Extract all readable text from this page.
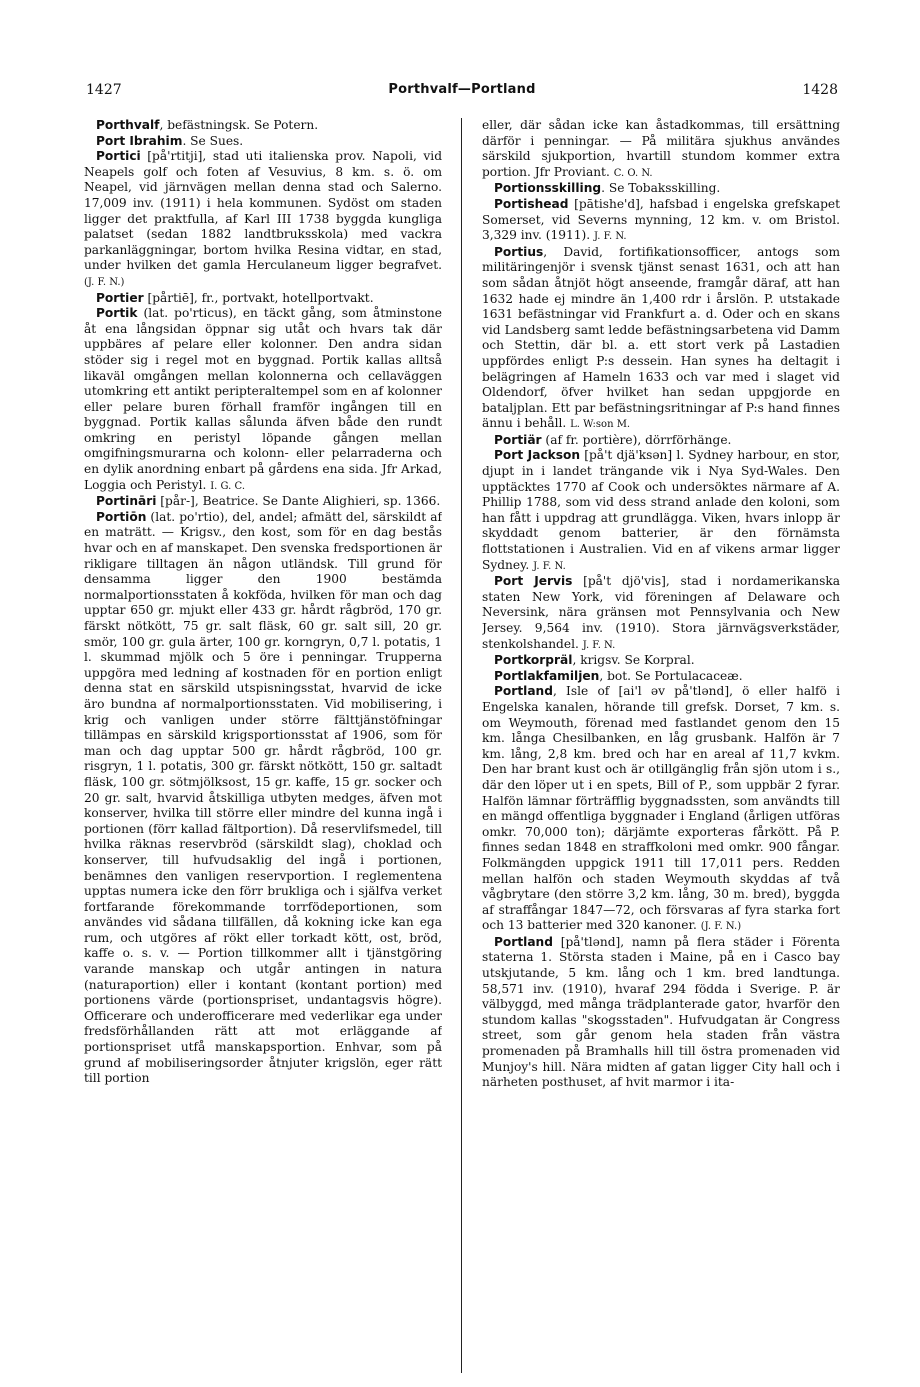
1427	Porthvalf—Portland	1428

Porthvalf, befästningsk. Se Potern.

Port Ibrahim. Se Sues.

Portici [på'rtitji], stad uti italienska prov. Napoli, vid Neapels golf och foten af Vesuvius, 8 km. s. ö. om Neapel, vid järnvägen mellan denna stad och Salerno. 17,009 inv. (1911) i hela kommunen. Sydöst om staden ligger det praktfulla, af Karl III 1738 byggda kungliga palatset (sedan 1882 landtbruksskola) med vackra parkanläggningar, bortom hvilka Resina vidtar, en stad, under hvilken det gamla Herculaneum ligger begrafvet. (J. F. N.)

Portier [pårtiē], fr., portvakt, hotellportvakt.

Portik (lat. po'rticus), en täckt gång, som åtminstone åt ena långsidan öppnar sig utåt och hvars tak där uppbäres af pelare eller kolonner. Den andra sidan stöder sig i regel mot en byggnad. Portik kallas alltså likaväl omgången mellan kolonnerna och cellaväggen utomkring ett antikt peripteraltempel som en af kolonner eller pelare buren förhall framför ingången till en byggnad. Portik kallas sålunda äfven både den rundt omkring en peristyl löpande gången mellan omgifningsmurarna och kolonn- eller pelarraderna och en dylik anordning enbart på gårdens ena sida. Jfr Arkad, Loggia och Peristyl. I. G. C.

Portināri [pår-], Beatrice. Se Dante Alighieri, sp. 1366.

Portiōn (lat. po'rtio), del, andel; afmätt del, särskildt af en maträtt. — Krigsv., den kost, som för en dag bestås hvar och en af manskapet. Den svenska fredsportionen är rikligare tilltagen än någon utländsk. Till grund för densamma ligger den 1900 bestämda normalportionsstaten å kokföda, hvilken för man och dag upptar 650 gr. mjukt eller 433 gr. hårdt rågbröd, 170 gr. färskt nötkött, 75 gr. salt fläsk, 60 gr. salt sill, 20 gr. smör, 100 gr. gula ärter, 100 gr. korngryn, 0,7 l. potatis, 1 l. skummad mjölk och 5 öre i penningar. Truppernа uppgöra med ledning af kostnaden för en portion enligt denna stat en särskild utspisningsstat, hvarvid de icke äro bundna af normalportionsstaten. Vid mobilisering, i krig och vanligen under större fälttjänstöfningar tillämpas en särskild krigsportionsstat af 1906, som för man och dag upptar 500 gr. hårdt rågbröd, 100 gr. risgryn, 1 l. potatis, 300 gr. färskt nötkött, 150 gr. saltadt fläsk, 100 gr. sötmjölksost, 15 gr. kaffe, 15 gr. socker och 20 gr. salt, hvarvid åtskilliga utbyten medges, äfven mot konserver, hvilka till större eller mindre del kunna ingå i portionen (förr kallad fältportion). Då reservlifsmedel, till hvilka räknas reservbröd (särskildt slag), choklad och konserver, till hufvudsaklig del ingå i portionen, benämnes den vanligen reservportion. I reglementena upptas numera icke den förr brukliga och i själfva verket fortfarande förekommande torrfödeportionen, som användes vid sådana tillfällen, då kokning icke kan ega rum, och utgöres af rökt eller torkadt kött, ost, bröd, kaffe o. s. v. — Portion tillkommer allt i tjänstgöring varande manskap och utgår antingen in natura (naturaportion) eller i kontant (kontant portion) med portionens värde (portionspriset, undantagsvis högre). Officerare och underofficerare med vederlikar ega under fredsförhållanden rätt att mot erläggande af portionspriset utfå manskapsportion. Enhvar, som på grund af mobiliseringsorder åtnjuter krigslön, eger rätt till portion

eller, där sådan icke kan åstadkommas, till ersättning därför i penningar. — På militära sjukhus användes särskild sjukportion, hvartill stundom kommer extra portion. Jfr Proviant. C. O. N.

Portionsskilling. Se Tobaksskilling.

Portishead [pātishe'd], hafsbad i engelska grefskapet Somerset, vid Severns mynning, 12 km. v. om Bristol. 3,329 inv. (1911). J. F. N.

Portius, David, fortifikationsofficer, antogs som militäringenjör i svensk tjänst senast 1631, och att han som sådan åtnjöt högt anseende, framgår däraf, att han 1632 hade ej mindre än 1,400 rdr i årslön. P. utstakade 1631 befästningar vid Frankfurt a. d. Oder och en skans vid Landsberg samt ledde befästningsarbetena vid Damm och Stettin, där bl. a. ett stort verk på Lastadien uppfördes enligt P:s dessein. Han synes ha deltagit i belägringen af Hameln 1633 och var med i slaget vid Oldendorf, öfver hvilket han sedan uppgjorde en bataljplan. Ett par befästningsritningar af P:s hand finnes ännu i behåll. L. W:son M.

Portiär (af fr. portière), dörrförhänge.

Port Jackson [på't djä'ksən] l. Sydney harbour, en stor, djupt in i landet trängande vik i Nya Syd-Wales. Den upptäcktes 1770 af Cook och undersöktes närmare af A. Phillip 1788, som vid dess strand anlade den koloni, som han fått i uppdrag att grundlägga. Viken, hvars inlopp är skyddadt genom batterier, är den förnämsta flottstationen i Australien. Vid en af vikens armar ligger Sydney. J. F. N.

Port Jervis [på't djö'vis], stad i nordamerikanska staten New York, vid föreningen af Delaware och Neversink, nära gränsen mot Pennsylvania och New Jersey. 9,564 inv. (1910). Stora järnvägsverkstäder, stenkolshandel. J. F. N.

Portkorpräl, krigsv. Se Korpral.

Portlakfamiljen, bot. Se Portulacaceæ.

Portland, Isle of [ai'l əv på'tlənd], ö eller halfö i Engelska kanalen, hörande till grefsk. Dorset, 7 km. s. om Weymouth, förenad med fastlandet genom den 15 km. långa Chesilbanken, en låg grusbank. Halfön är 7 km. lång, 2,8 km. bred och har en areal af 11,7 kvkm. Den har brant kust och är otillgänglig från sjön utom i s., där den löper ut i en spets, Bill of P., som uppbär 2 fyrar. Halfön lämnar förträfflig byggnadssten, som användts till en mängd offentliga byggnader i England (årligen utföras omkr. 70,000 ton); därjämte exporteras fårkött. På P. finnes sedan 1848 en straffkoloni med omkr. 900 fångar. Folkmängden uppgick 1911 till 17,011 pers. Redden mellan halfön och staden Weymouth skyddas af två vågbrytare (den större 3,2 km. lång, 30 m. bred), byggda af straffångar 1847—72, och försvaras af fyra starka fort och 13 batterier med 320 kanoner. (J. F. N.)

Portland [på'tlənd], namn på flera städer i Förenta staterna 1. Största staden i Maine, på en i Casco bay utskjutande, 5 km. lång och 1 km. bred landtunga. 58,571 inv. (1910), hvaraf 294 födda i Sverige. P. är välbyggd, med många trädplanterade gator, hvarför den stundom kallas "skogsstaden". Hufvudgatan är Congress street, som går genom hela staden från västra promenaden på Bramhalls hill till östra promenaden vid Munjoy's hill. Nära midten af gatan ligger City hall och i närheten posthuset, af hvit marmor i ita-
